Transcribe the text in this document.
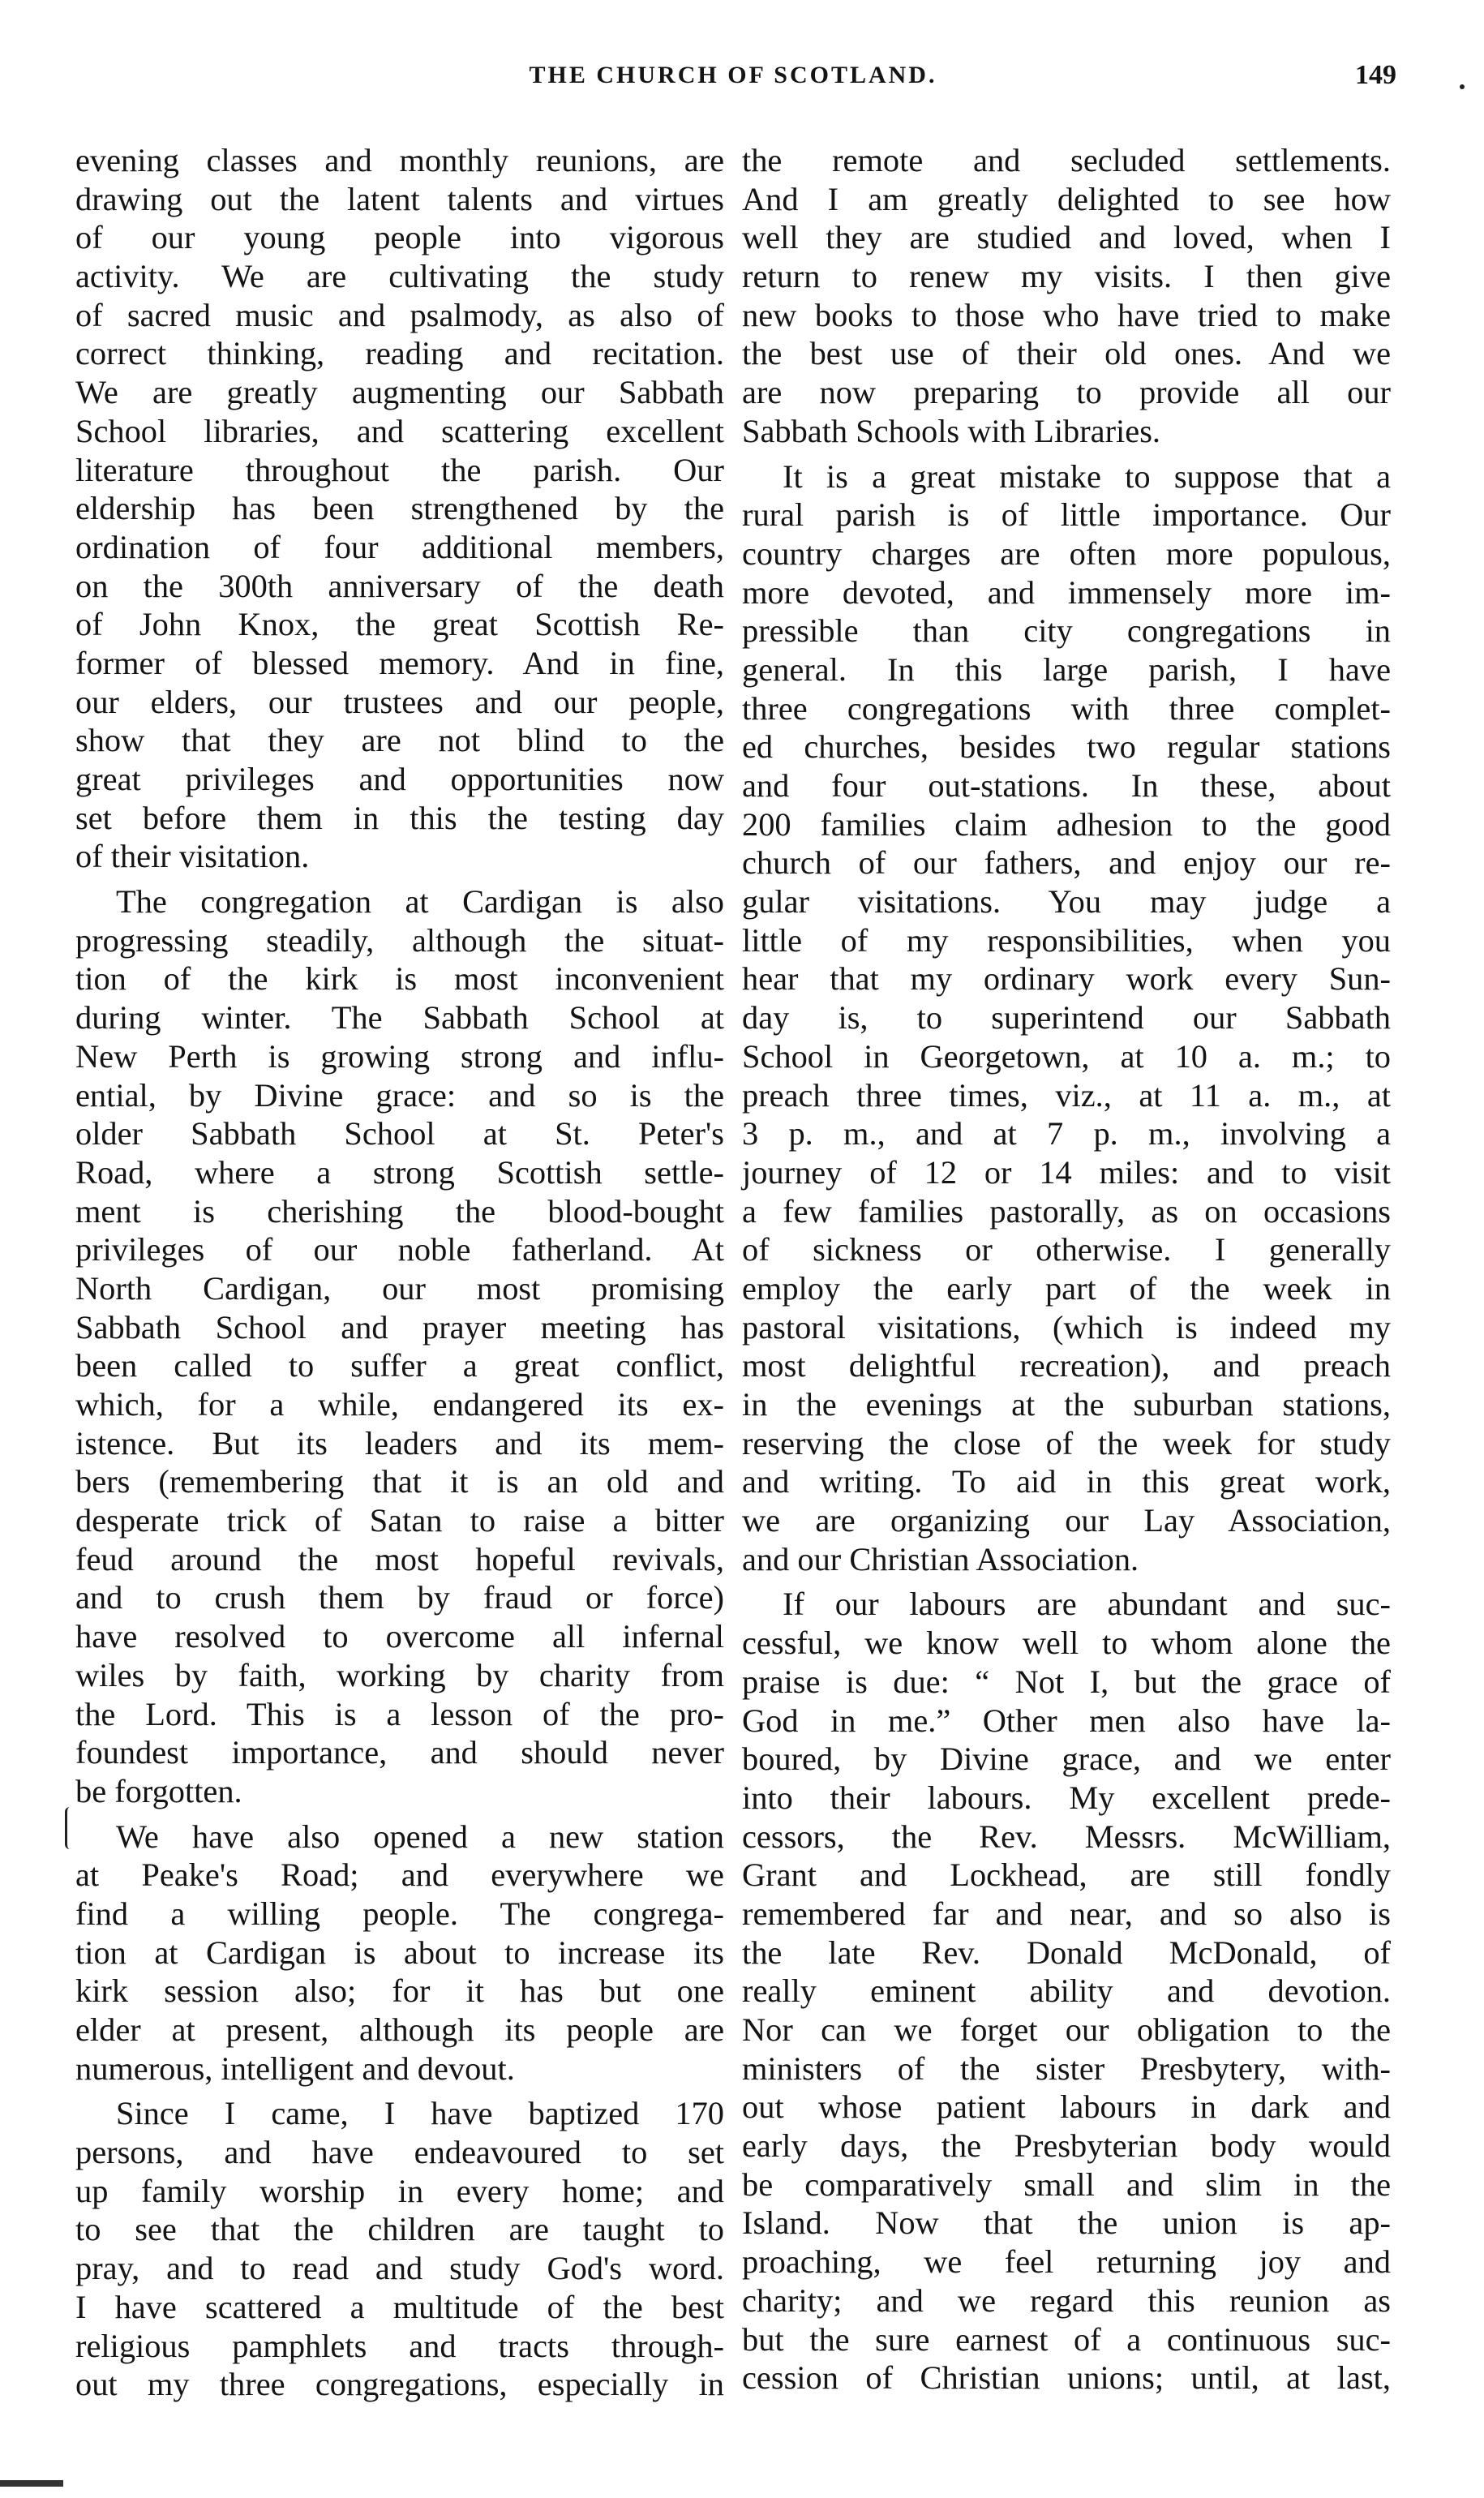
THE CHURCH OF SCOTLAND.	149
evening classes and monthly reunions, are
drawing out the latent talents and virtues
of our young people into vigorous
activity. We are cultivating the study
of sacred music and psalmody, as also of
correct thinking, reading and recitation.
We are greatly augmenting our Sabbath
School libraries, and scattering excellent
literature throughout the parish. Our
eldership has been strengthened by the
ordination of four additional members,
on the 300th anniversary of the death
of John Knox, the great Scottish Re-
former of blessed memory. And in fine,
our elders, our trustees and our people,
show that they are not blind to the
great privileges and opportunities now
set before them in this the testing day
of their visitation.
The congregation at Cardigan is also
progressing steadily, although the situat-
tion of the kirk is most inconvenient
during winter. The Sabbath School at
New Perth is growing strong and influ-
ential, by Divine grace: and so is the
older Sabbath School at St. Peter's
Road, where a strong Scottish settle-
ment is cherishing the blood-bought
privileges of our noble fatherland. At
North Cardigan, our most promising
Sabbath School and prayer meeting has
been called to suffer a great conflict,
which, for a while, endangered its ex-
istence. But its leaders and its mem-
bers (remembering that it is an old and
desperate trick of Satan to raise a bitter
feud around the most hopeful revivals,
and to crush them by fraud or force)
have resolved to overcome all infernal
wiles by faith, working by charity from
the Lord. This is a lesson of the pro-
foundest importance, and should never
be forgotten.
We have also opened a new station
at Peake's Road; and everywhere we
find a willing people. The congrega-
tion at Cardigan is about to increase its
kirk session also; for it has but one
elder at present, although its people are
numerous, intelligent and devout.
Since I came, I have baptized 170
persons, and have endeavoured to set
up family worship in every home; and
to see that the children are taught to
pray, and to read and study God's word.
I have scattered a multitude of the best
religious pamphlets and tracts through-
out my three congregations, especially in
the remote and secluded settlements.
And I am greatly delighted to see how
well they are studied and loved, when I
return to renew my visits. I then give
new books to those who have tried to make
the best use of their old ones. And we
are now preparing to provide all our
Sabbath Schools with Libraries.
It is a great mistake to suppose that a
rural parish is of little importance. Our
country charges are often more populous,
more devoted, and immensely more im-
pressible than city congregations in
general. In this large parish, I have
three congregations with three complet-
ed churches, besides two regular stations
and four out-stations. In these, about
200 families claim adhesion to the good
church of our fathers, and enjoy our re-
gular visitations. You may judge a
little of my responsibilities, when you
hear that my ordinary work every Sun-
day is, to superintend our Sabbath
School in Georgetown, at 10 a. m.; to
preach three times, viz., at 11 a. m., at
3 p. m., and at 7 p. m., involving a
journey of 12 or 14 miles: and to visit
a few families pastorally, as on occasions
of sickness or otherwise. I generally
employ the early part of the week in
pastoral visitations, (which is indeed my
most delightful recreation), and preach
in the evenings at the suburban stations,
reserving the close of the week for study
and writing. To aid in this great work,
we are organizing our Lay Association,
and our Christian Association.
If our labours are abundant and suc-
cessful, we know well to whom alone the
praise is due: “ Not I, but the grace of
God in me.” Other men also have la-
boured, by Divine grace, and we enter
into their labours. My excellent prede-
cessors, the Rev. Messrs. McWilliam,
Grant and Lockhead, are still fondly
remembered far and near, and so also is
the late Rev. Donald McDonald, of
really eminent ability and devotion.
Nor can we forget our obligation to the
ministers of the sister Presbytery, with-
out whose patient labours in dark and
early days, the Presbyterian body would
be comparatively small and slim in the
Island. Now that the union is ap-
proaching, we feel returning joy and
charity; and we regard this reunion as
but the sure earnest of a continuous suc-
cession of Christian unions; until, at last,
